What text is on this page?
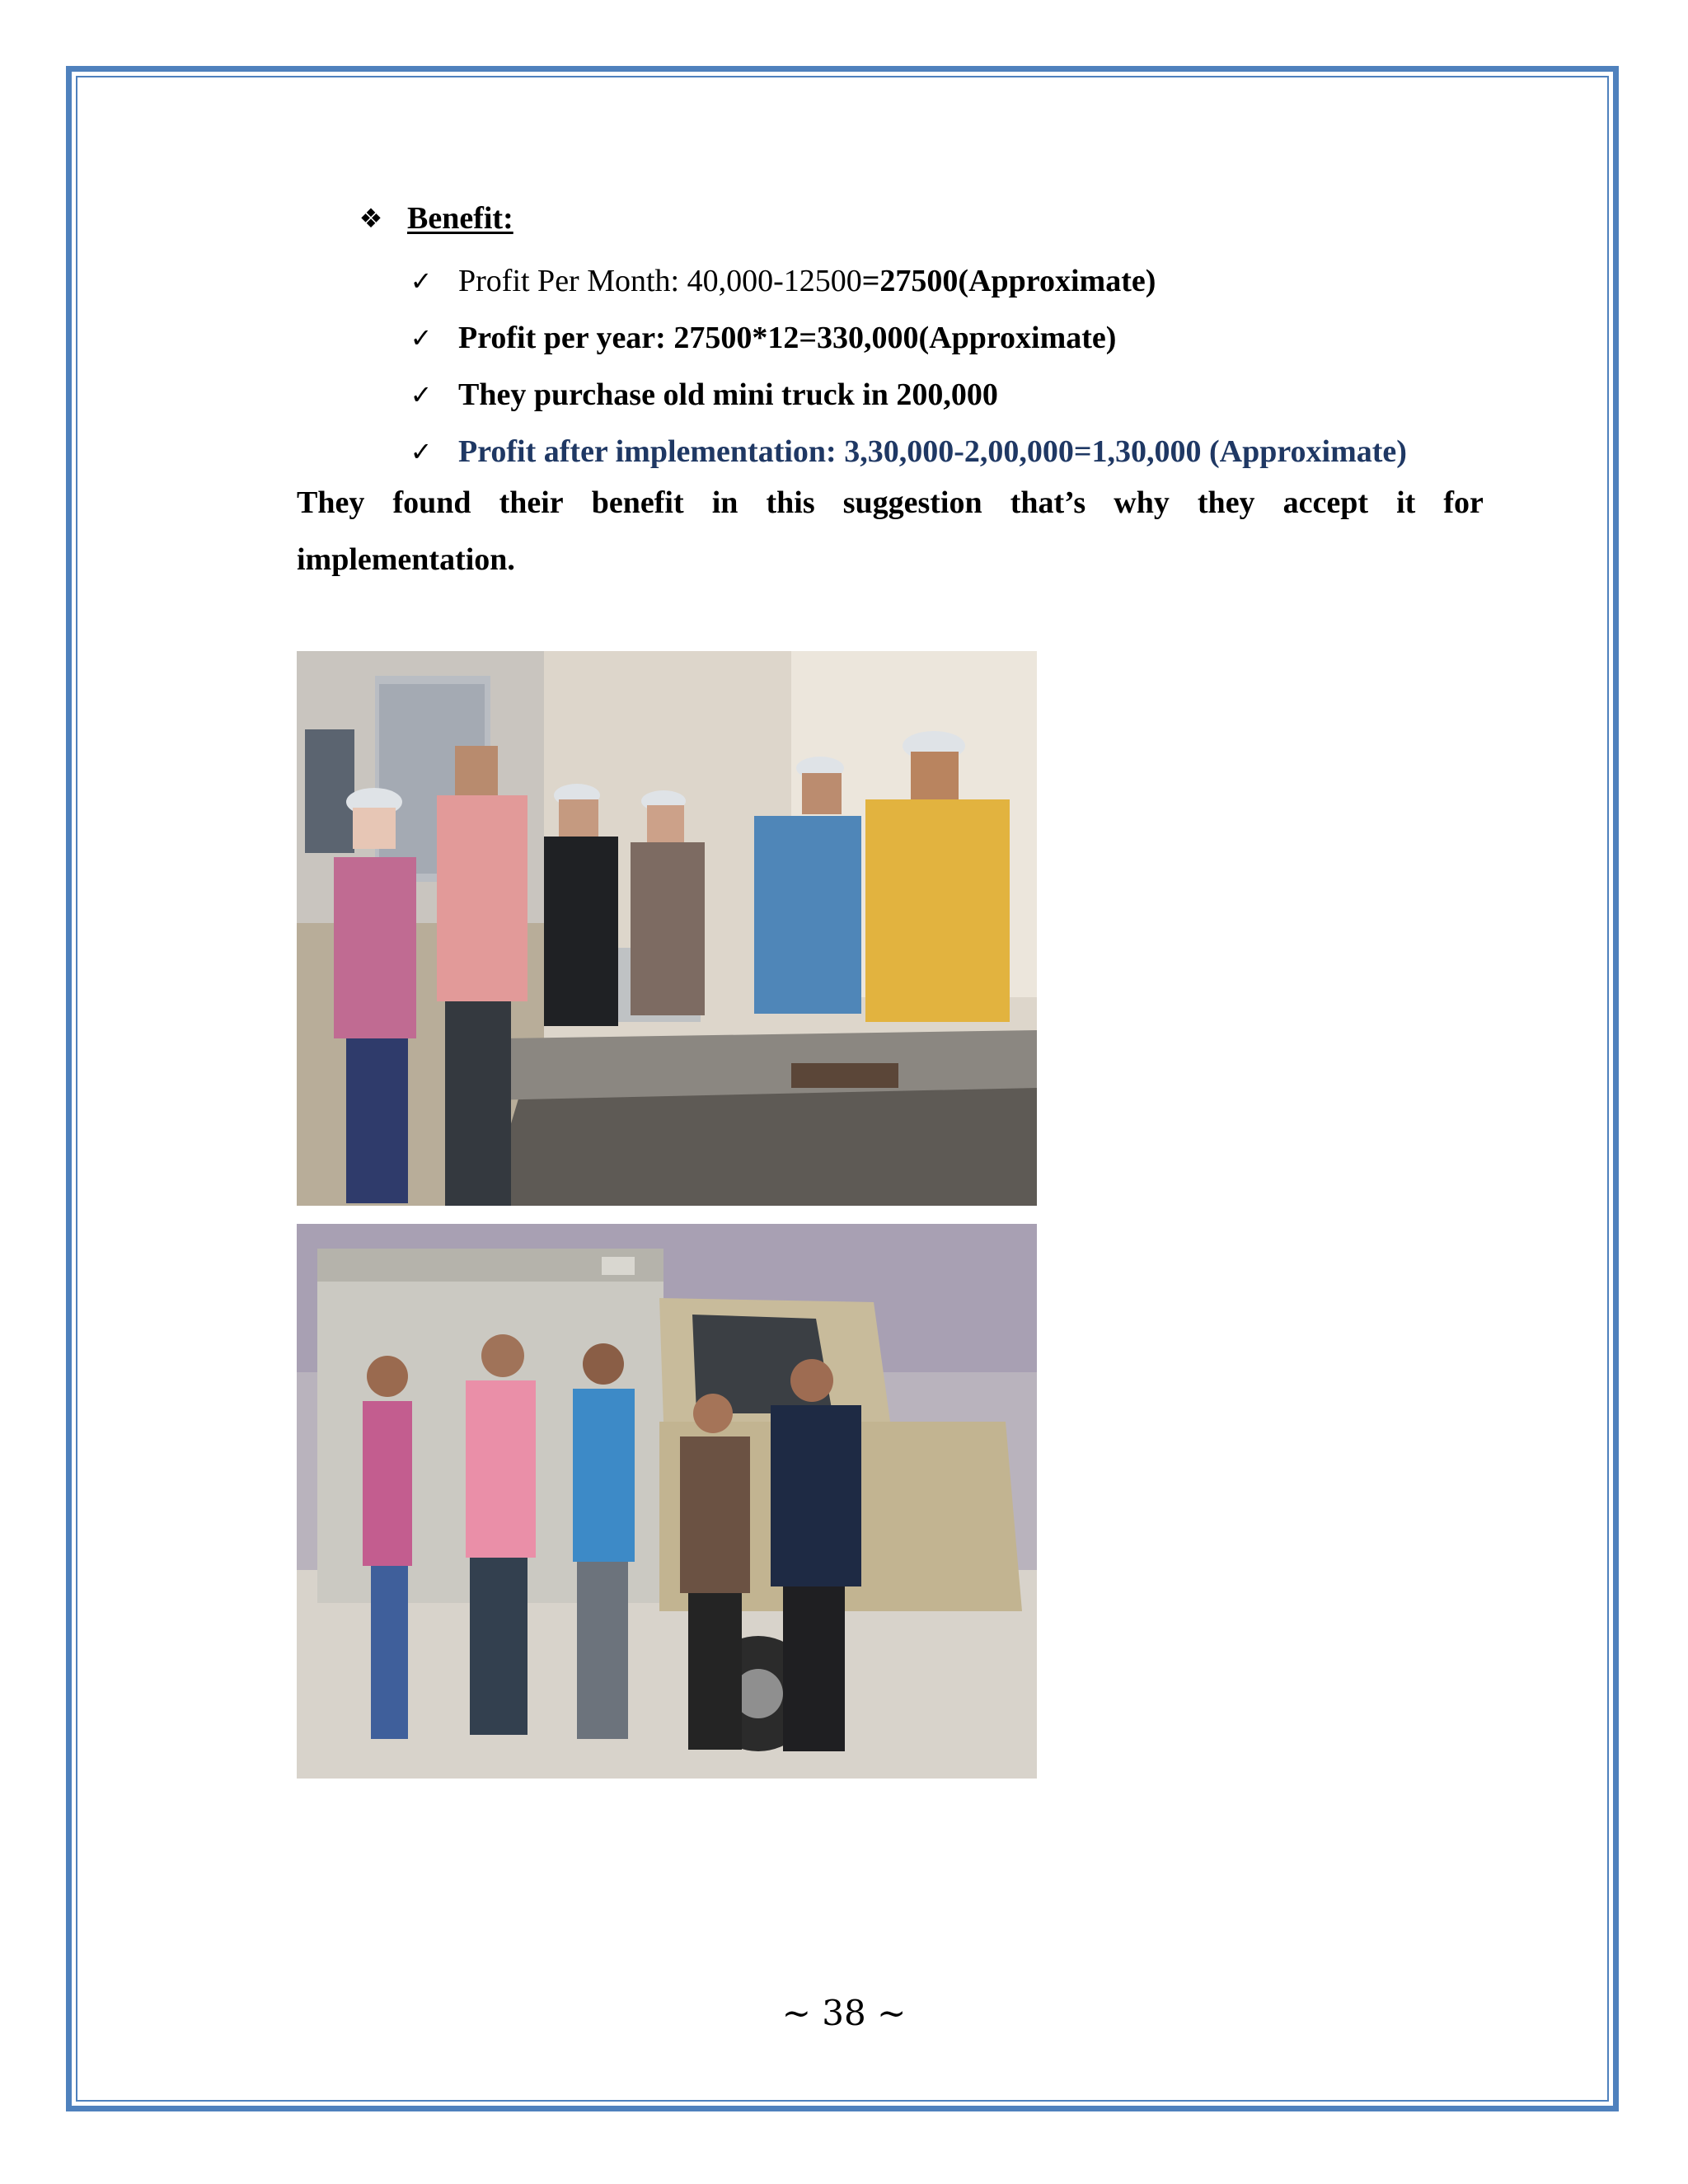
❖ Benefit:
✓ Profit Per Month: 40,000-12500 =27500(Approximate)
✓ Profit per year: 27500*12=330,000(Approximate)
✓ They purchase old mini truck in 200,000
✓ Profit after implementation: 3,30,000-2,00,000=1,30,000 (Approximate)
They found their benefit in this suggestion that’s why they accept it for
implementation.
~ 38 ~
